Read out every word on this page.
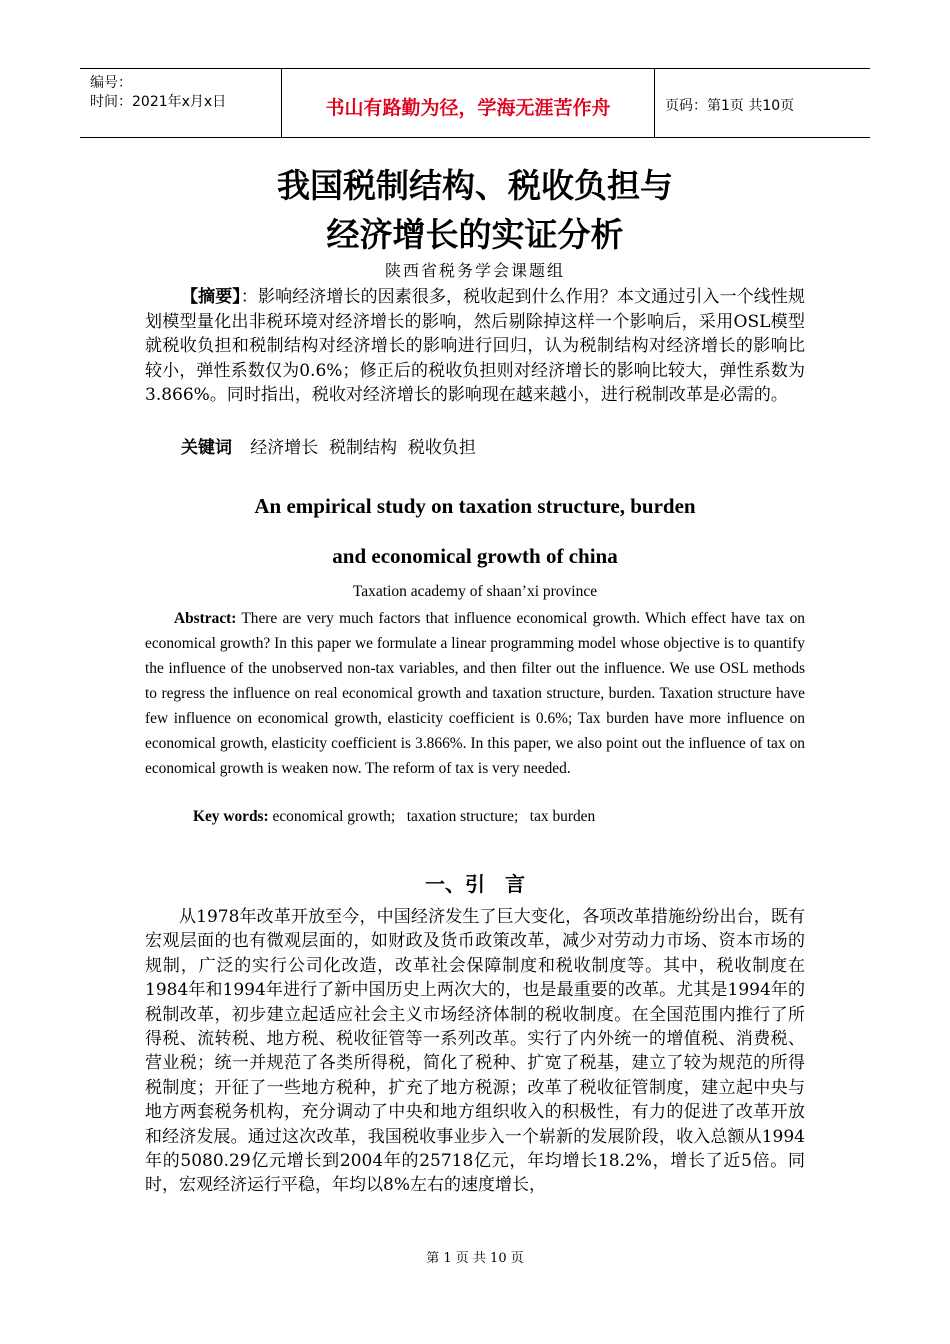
编号：
时间：2021年x月x日	书山有路勤为径，学海无涯苦作舟	页码：第1页 共10页
我国税制结构、税收负担与
经济增长的实证分析
陕西省税务学会课题组
【摘要】：影响经济增长的因素很多，税收起到什么作用？本文通过引入一个线性规划模型量化出非税环境对经济增长的影响，然后剔除掉这样一个影响后，采用OSL模型就税收负担和税制结构对经济增长的影响进行回归，认为税制结构对经济增长的影响比较小，弹性系数仅为0.6%；修正后的税收负担则对经济增长的影响比较大，弹性系数为3.866%。同时指出，税收对经济增长的影响现在越来越小，进行税制改革是必需的。
关键词 经济增长  税制结构  税收负担
An empirical study on taxation structure, burden
and economical growth of china
Taxation academy of shaan’xi province
Abstract: There are very much factors that influence economical growth. Which effect have tax on economical growth? In this paper we formulate a linear programming model whose objective is to quantify the influence of the unobserved non-tax variables, and then filter out the influence. We use OSL methods to regress the influence on real economical growth and taxation structure, burden. Taxation structure have few influence on economical growth, elasticity coefficient is 0.6%; Tax burden have more influence on economical growth, elasticity coefficient is 3.866%. In this paper, we also point out the influence of tax on economical growth is weaken now. The reform of tax is very needed.
Key words: economical growth;   taxation structure;   tax burden
一、引　言
从1978年改革开放至今，中国经济发生了巨大变化，各项改革措施纷纷出台，既有宏观层面的也有微观层面的，如财政及货币政策改革，减少对劳动力市场、资本市场的规制，广泛的实行公司化改造，改革社会保障制度和税收制度等。其中，税收制度在1984年和1994年进行了新中国历史上两次大的，也是最重要的改革。尤其是1994年的税制改革，初步建立起适应社会主义市场经济体制的税收制度。在全国范围内推行了所得税、流转税、地方税、税收征管等一系列改革。实行了内外统一的增值税、消费税、营业税；统一并规范了各类所得税，简化了税种、扩宽了税基，建立了较为规范的所得税制度；开征了一些地方税种，扩充了地方税源；改革了税收征管制度，建立起中央与地方两套税务机构，充分调动了中央和地方组织收入的积极性，有力的促进了改革开放和经济发展。通过这次改革，我国税收事业步入一个崭新的发展阶段，收入总额从1994年的5080.29亿元增长到2004年的25718亿元，年均增长18.2%，增长了近5倍。同时，宏观经济运行平稳，年均以8%左右的速度增长，
第 1 页 共 10 页
